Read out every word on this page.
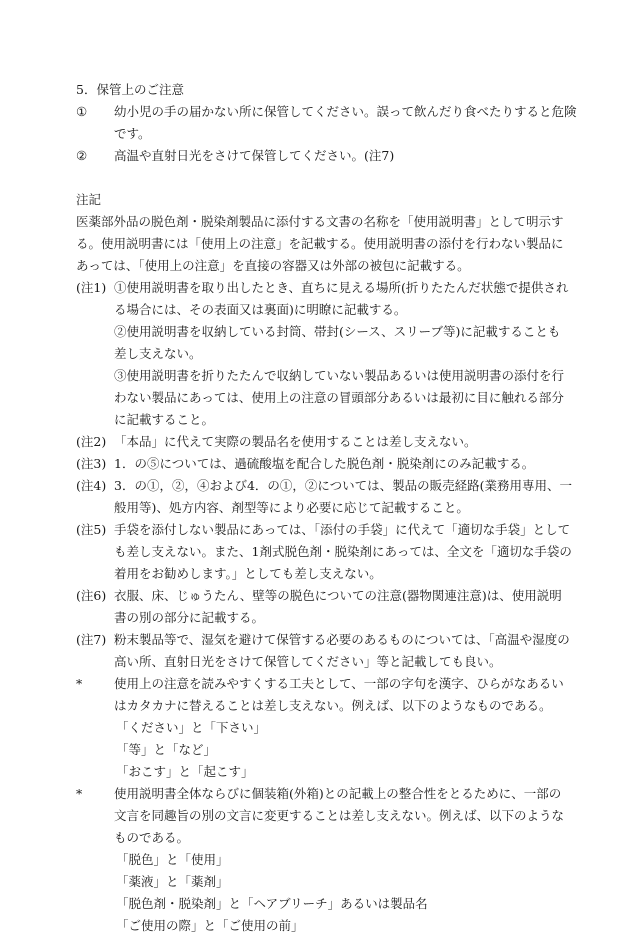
5．保管上のご注意
①	幼小児の手の届かない所に保管してください。誤って飲んだり食べたりすると危険
です。
②	高温や直射日光をさけて保管してください。(注7)
注記
医薬部外品の脱色剤・脱染剤製品に添付する文書の名称を「使用説明書」として明示す
る。使用説明書には「使用上の注意」を記載する。使用説明書の添付を行わない製品に
あっては、「使用上の注意」を直接の容器又は外部の被包に記載する。
(注1) ①使用説明書を取り出したとき、直ちに見える場所(折りたたんだ状態で提供され
る場合には、その表面又は裏面)に明瞭に記載する。
②使用説明書を収納している封筒、帯封(シース、スリーブ等)に記載することも
差し支えない。
③使用説明書を折りたたんで収納していない製品あるいは使用説明書の添付を行
わない製品にあっては、使用上の注意の冒頭部分あるいは最初に目に触れる部分
に記載すること。
(注2) 「本品」に代えて実際の製品名を使用することは差し支えない。
(注3) 1．の⑤については、過硫酸塩を配合した脱色剤・脱染剤にのみ記載する。
(注4) 3．の①，②，④および4．の①，②については、製品の販売経路(業務用専用、一
般用等)、処方内容、剤型等により必要に応じて記載すること。
(注5) 手袋を添付しない製品にあっては、「添付の手袋」に代えて「適切な手袋」として
も差し支えない。また、1剤式脱色剤・脱染剤にあっては、全文を「適切な手袋の
着用をお勧めします。」としても差し支えない。
(注6) 衣服、床、じゅうたん、壁等の脱色についての注意(器物関連注意)は、使用説明
書の別の部分に記載する。
(注7) 粉末製品等で、湿気を避けて保管する必要のあるものについては、「高温や湿度の
高い所、直射日光をさけて保管してください」等と記載しても良い。
*	使用上の注意を読みやすくする工夫として、一部の字句を漢字、ひらがなあるい
はカタカナに替えることは差し支えない。例えば、以下のようなものである。
「ください」と「下さい」
「等」と「など」
「おこす」と「起こす」
*	使用説明書全体ならびに個装箱(外箱)との記載上の整合性をとるために、一部の
文言を同趣旨の別の文言に変更することは差し支えない。例えば、以下のような
ものである。
「脱色」と「使用」
「薬液」と「薬剤」
「脱色剤・脱染剤」と「ヘアブリーチ」あるいは製品名
「ご使用の際」と「ご使用の前」
